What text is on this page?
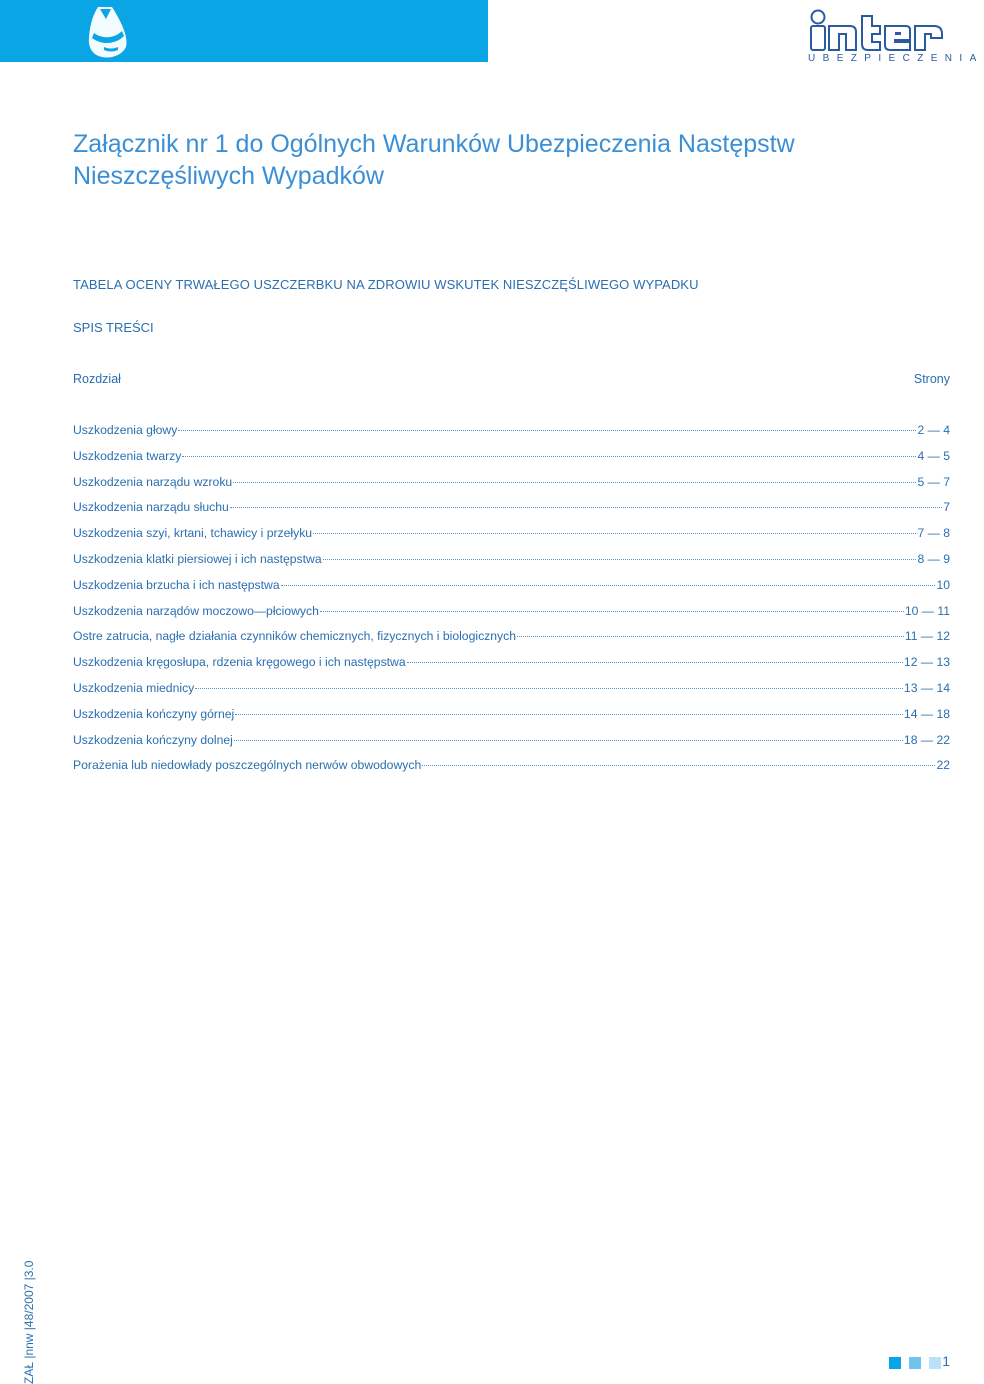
UBEZPIECZENIA
Załącznik nr 1 do Ogólnych Warunków Ubezpieczenia Następstw Nieszczęśliwych Wypadków
TABELA OCENY TRWAŁEGO USZCZERBKU NA ZDROWIU WSKUTEK NIESZCZĘŚLIWEGO WYPADKU
SPIS TREŚCI
Rozdział	Strony
Uszkodzenia głowy	2 — 4
Uszkodzenia twarzy	4 — 5
Uszkodzenia narządu wzroku	5 — 7
Uszkodzenia narządu słuchu	7
Uszkodzenia szyi, krtani, tchawicy i przełyku	7 — 8
Uszkodzenia klatki piersiowej i ich następstwa	8 — 9
Uszkodzenia brzucha i ich następstwa	10
Uszkodzenia narządów moczowo—płciowych	10 — 11
Ostre zatrucia, nagłe działania czynników chemicznych, fizycznych i biologicznych	11 — 12
Uszkodzenia kręgosłupa, rdzenia kręgowego i ich następstwa	12 — 13
Uszkodzenia miednicy	13 — 14
Uszkodzenia kończyny górnej	14 — 18
Uszkodzenia kończyny dolnej	18 — 22
Porażenia lub niedowłady poszczególnych nerwów obwodowych	22
ZAŁ |nnw |48/2007 |3.0	1
